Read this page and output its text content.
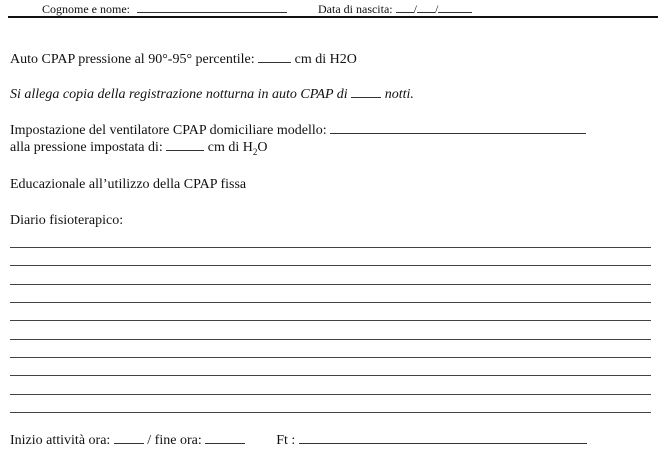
Cognome e nome:	Data di nascita: / /
Auto CPAP pressione al 90°-95° percentile:	cm di H2O
Si allega copia della registrazione notturna in auto CPAP di	notti.
Impostazione del ventilatore CPAP domiciliare modello:
alla pressione impostata di:	cm di $H_2O$
Educazionale all’utilizzo della CPAP fissa
Diario fisioterapico:
Inizio attività ora:	/ fine ora:	Ft :
